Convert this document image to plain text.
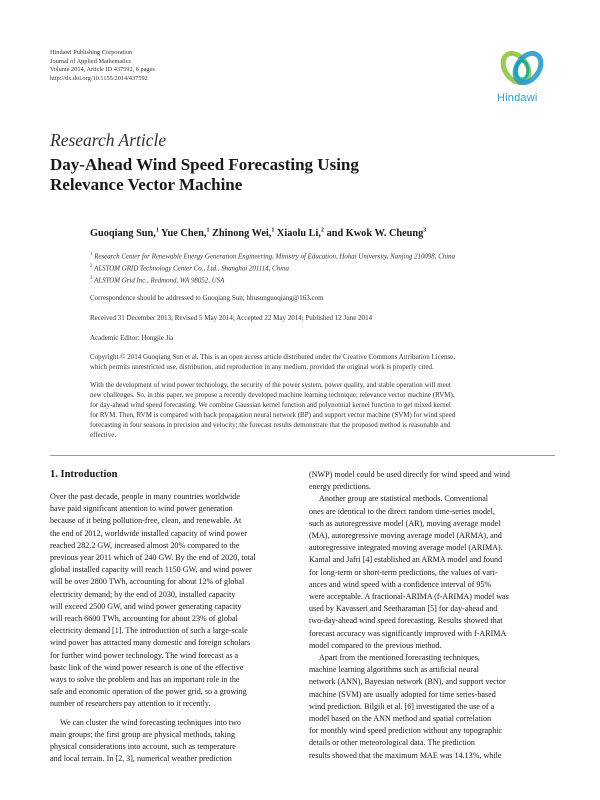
Hindawi Publishing Corporation
Journal of Applied Mathematics
Volume 2014, Article ID 437592, 6 pages
http://dx.doi.org/10.1155/2014/437592
Hindawi
Research Article
Day-Ahead Wind Speed Forecasting Using
Relevance Vector Machine
Guoqiang Sun,$^1$ Yue Chen,$^1$ Zhinong Wei,$^1$ Xiaolu Li,$^2$ and Kwok W. Cheung$^3$
$^1$ Research Center for Renewable Energy Generation Engineering, Ministry of Education, Hohai University, Nanjing 210098, China
$^2$ ALSTOM GRID Technology Center Co., Ltd., Shanghai 201114, China
$^3$ ALSTOM Grid Inc., Redmond, WA 98052, USA
Correspondence should be addressed to Guoqiang Sun; hhusunguoqiang@163.com
Received 31 December 2013; Revised 5 May 2014; Accepted 22 May 2014; Published 12 June 2014
Academic Editor: Hongjie Jia
Copyright © 2014 Guoqiang Sun et al. This is an open access article distributed under the Creative Commons Attribution License,
which permits unrestricted use, distribution, and reproduction in any medium, provided the original work is properly cited.
With the development of wind power technology, the security of the power system, power quality, and stable operation will meet
new challenges. So, in this paper, we propose a recently developed machine learning technique, relevance vector machine (RVM),
for day-ahead wind speed forecasting. We combine Gaussian kernel function and polynomial kernel function to get mixed kernel
for RVM. Then, RVM is compared with back propagation neural network (BP) and support vector machine (SVM) for wind speed
forecasting in four seasons in precision and velocity; the forecast results demonstrate that the proposed method is reasonable and
effective.
1. Introduction
Over the past decade, people in many countries worldwide
have paid significant attention to wind power generation
because of it being pollution-free, clean, and renewable. At
the end of 2012, worldwide installed capacity of wind power
reached 282.2 GW, increased almost 20% compared to the
previous year 2011 which of 240 GW. By the end of 2020, total
global installed capacity will reach 1150 GW, and wind power
will be over 2800 TWh, accounting for about 12% of global
electricity demand; by the end of 2030, installed capacity
will exceed 2500 GW, and wind power generating capacity
will reach 6600 TWh, accounting for about 23% of global
electricity demand [1]. The introduction of such a large-scale
wind power has attracted many domestic and foreign scholars
for further wind power technology. The wind forecast as a
basic link of the wind power research is one of the effective
ways to solve the problem and has an important role in the
safe and economic operation of the power grid, so a growing
number of researchers pay attention to it recently.
We can cluster the wind forecasting techniques into two
main groups; the first group are physical methods, taking
physical considerations into account, such as temperature
and local terrain. In [2, 3], numerical weather prediction
(NWP) model could be used directly for wind speed and wind
energy predictions.
Another group are statistical methods. Conventional
ones are identical to the direct random time-series model,
such as autoregressive model (AR), moving average model
(MA), autoregressive moving average model (ARMA), and
autoregressive integrated moving average model (ARIMA).
Kamal and Jafri [4] established an ARMA model and found
for long-term or short-term predictions, the values of vari-
ances and wind speed with a confidence interval of 95%
were acceptable. A fractional-ARIMA (f-ARIMA) model was
used by Kavasseri and Seetharaman [5] for day-ahead and
two-day-ahead wind speed forecasting. Results showed that
forecast accuracy was significantly improved with f-ARIMA
model compared to the previous method.
Apart from the mentioned forecasting techniques,
machine learning algorithms such as artificial neural
network (ANN), Bayesian network (BN), and support vector
machine (SVM) are usually adopted for time series-based
wind prediction. Bilgili et al. [6] investigated the use of a
model based on the ANN method and spatial correlation
for monthly wind speed prediction without any topographic
details or other meteorological data. The prediction
results showed that the maximum MAE was 14.13%, while
